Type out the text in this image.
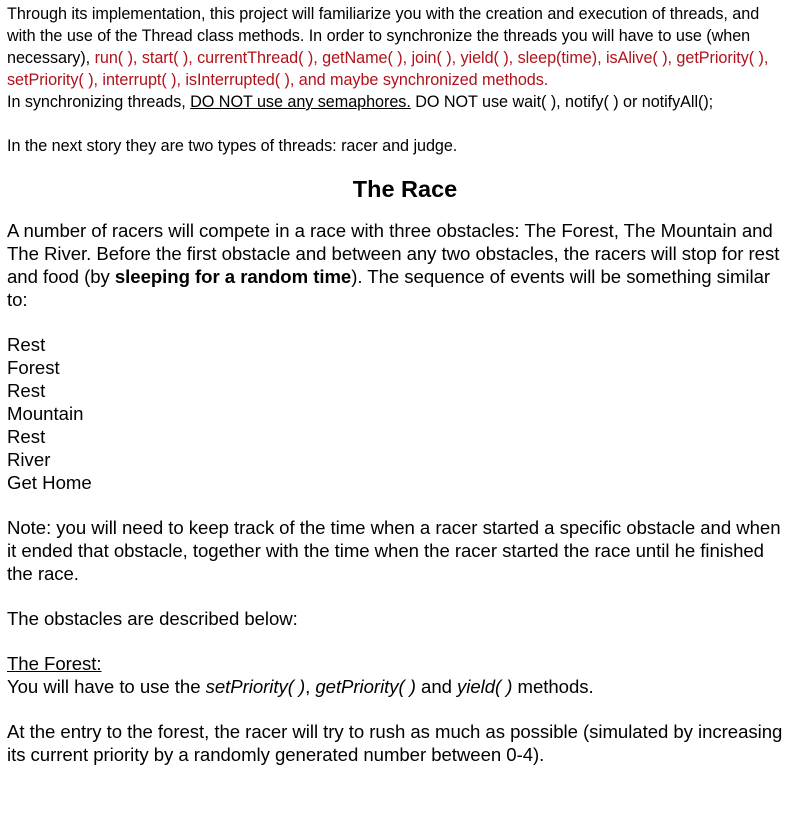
Through its implementation, this project will familiarize you with the creation and execution of threads, and with the use of the Thread class methods. In order to synchronize the threads you will have to use (when necessary), run( ), start( ), currentThread( ), getName( ), join( ), yield( ), sleep(time), isAlive( ), getPriority( ), setPriority( ), interrupt( ), isInterrupted( ), and maybe synchronized methods.

In synchronizing threads, DO NOT use any semaphores. DO NOT use wait( ), notify( ) or notifyAll();

In the next story they are two types of threads: racer and judge.

The Race

A number of racers will compete in a race with three obstacles: The Forest, The Mountain and The River. Before the first obstacle and between any two obstacles, the racers will stop for rest and food (by sleeping for a random time). The sequence of events will be something similar to:

Rest

Forest

Rest

Mountain

Rest

River

Get Home

Note: you will need to keep track of the time when a racer started a specific obstacle and when it ended that obstacle, together with the time when the racer started the race until he finished the race.

The obstacles are described below:

The Forest:

You will have to use the setPriority( ), getPriority( ) and yield( ) methods.

At the entry to the forest, the racer will try to rush as much as possible (simulated by increasing its current priority by a randomly generated number between 0-4).
